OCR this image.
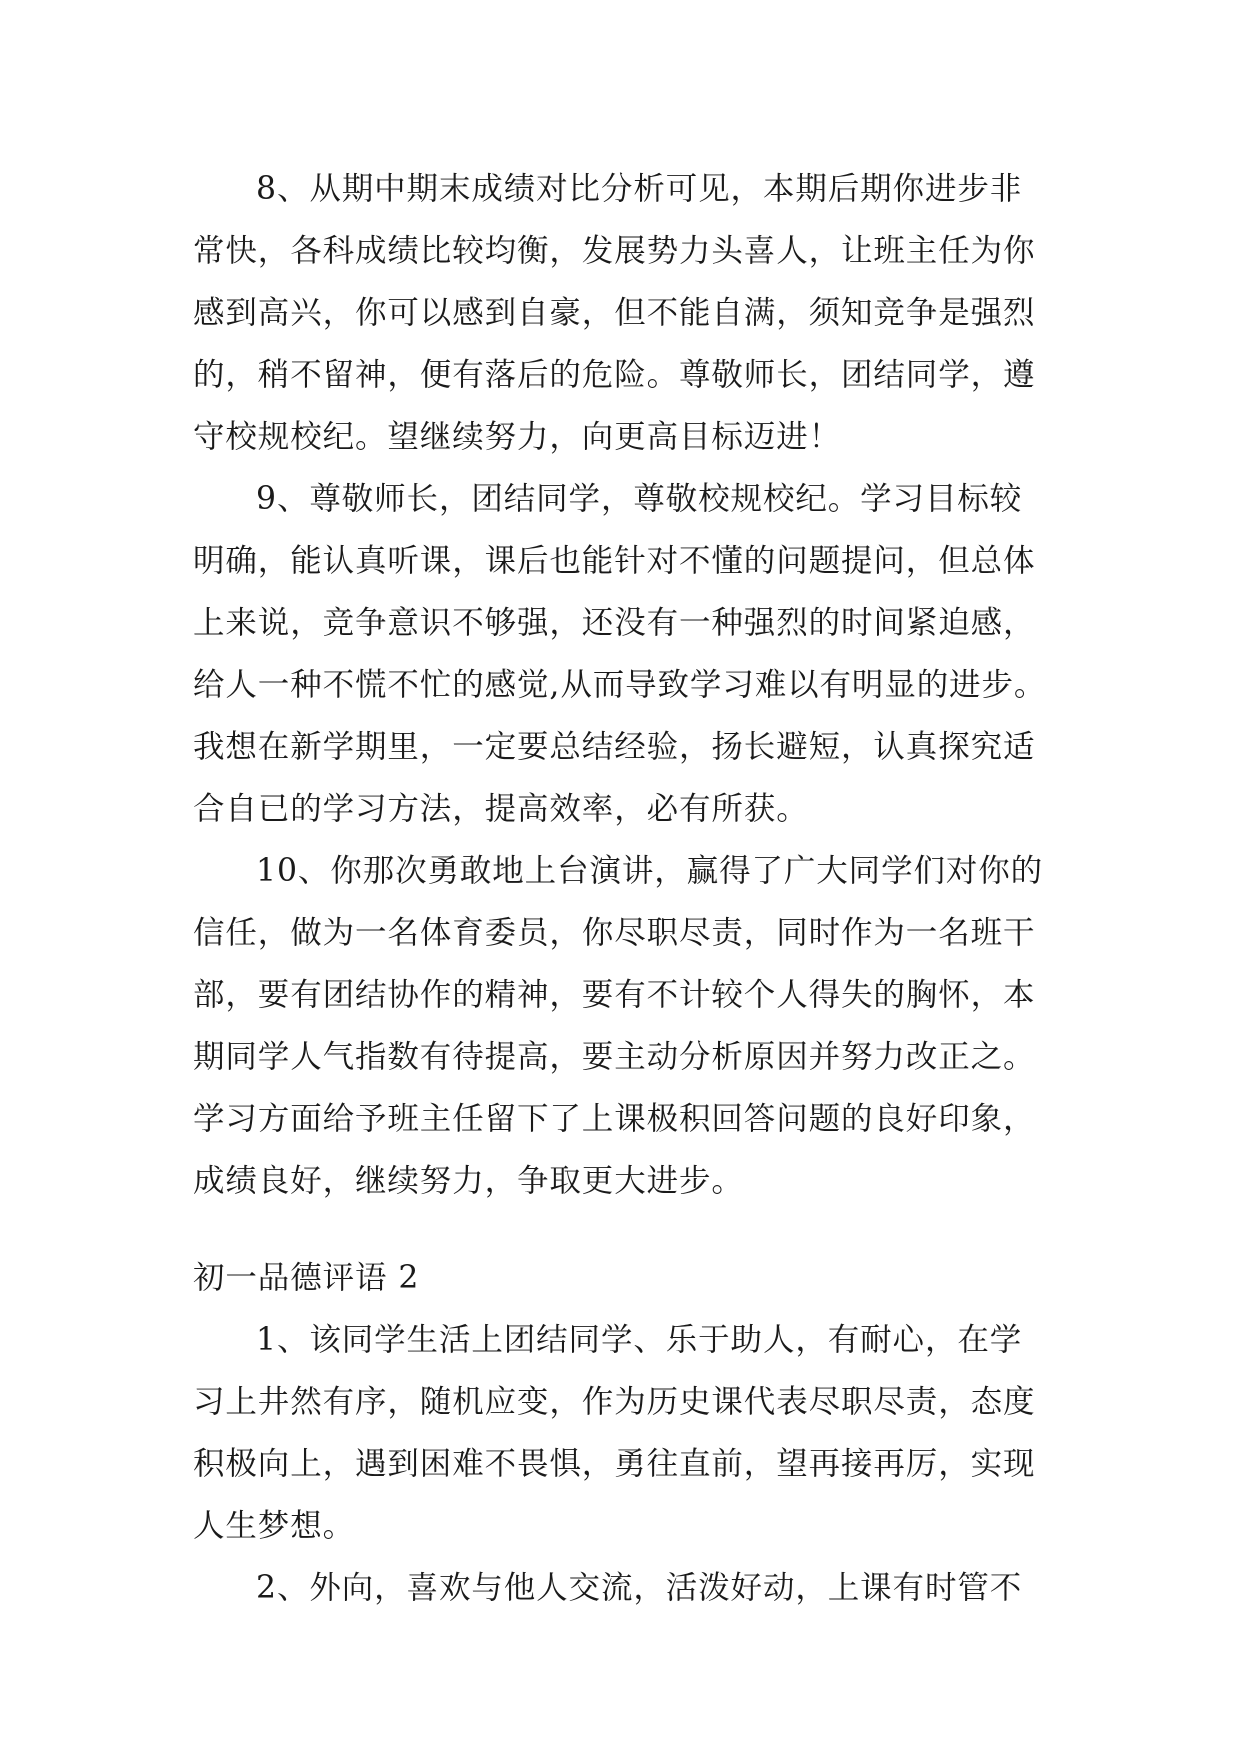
8、从期中期末成绩对比分析可见，本期后期你进步非
常快，各科成绩比较均衡，发展势力头喜人，让班主任为你
感到高兴，你可以感到自豪，但不能自满，须知竞争是强烈
的，稍不留神，便有落后的危险。尊敬师长，团结同学，遵
守校规校纪。望继续努力，向更高目标迈进！
9、尊敬师长，团结同学，尊敬校规校纪。学习目标较
明确，能认真听课，课后也能针对不懂的问题提问，但总体
上来说，竞争意识不够强，还没有一种强烈的时间紧迫感，
给人一种不慌不忙的感觉,从而导致学习难以有明显的进步。
我想在新学期里，一定要总结经验，扬长避短，认真探究适
合自已的学习方法，提高效率，必有所获。
10、你那次勇敢地上台演讲，赢得了广大同学们对你的
信任，做为一名体育委员，你尽职尽责，同时作为一名班干
部，要有团结协作的精神，要有不计较个人得失的胸怀，本
期同学人气指数有待提高，要主动分析原因并努力改正之。
学习方面给予班主任留下了上课极积回答问题的良好印象，
成绩良好，继续努力，争取更大进步。
初一品德评语 2
1、该同学生活上团结同学、乐于助人，有耐心，在学
习上井然有序，随机应变，作为历史课代表尽职尽责，态度
积极向上，遇到困难不畏惧，勇往直前，望再接再厉，实现
人生梦想。
2、外向，喜欢与他人交流，活泼好动，上课有时管不
